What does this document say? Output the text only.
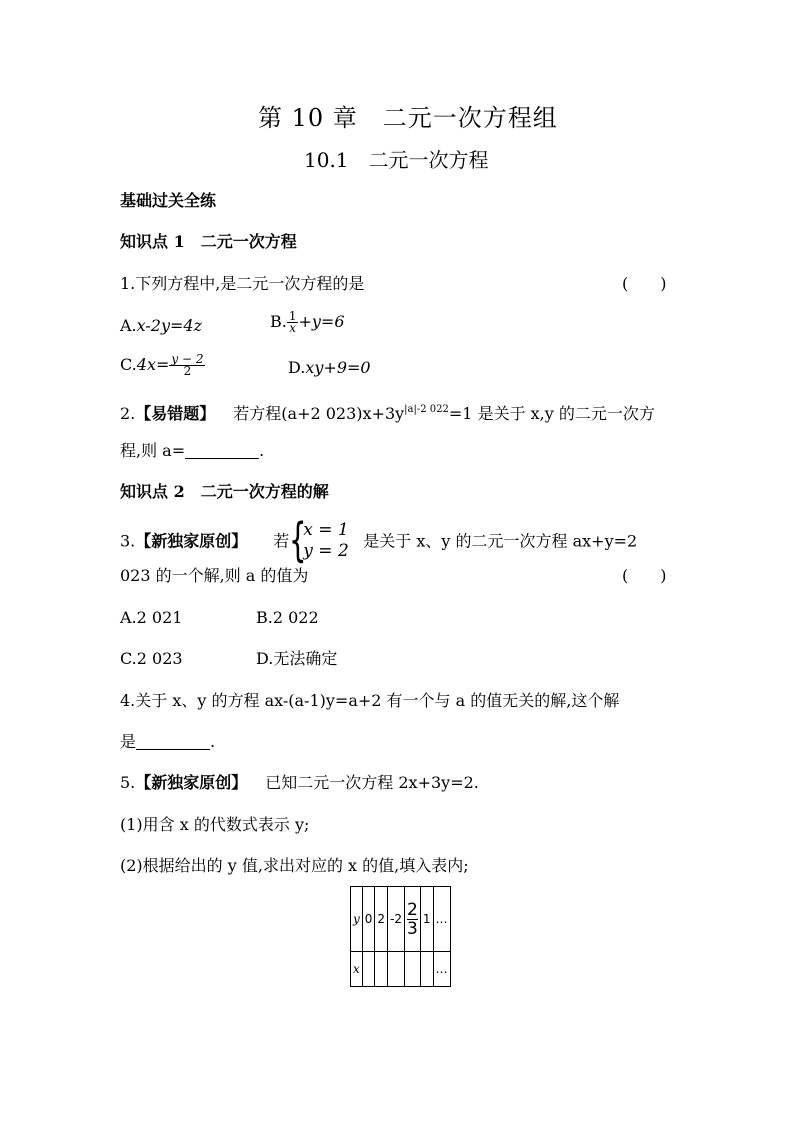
第 10 章　二元一次方程组
10.1　二元一次方程
基础过关全练
知识点 1　二元一次方程
1.下列方程中,是二元一次方程的是	(　　)
A.x-2y=4z	B. $\frac{1}{x} +y=6$
$C.4x= \frac{y - 2}{2}$	D.xy+9=0
2.【易错题】 若方程(a+2 $023)x+3y^{|a|-2 022}=1$ 是关于 x,y 的二元一次方
程,则 a=	.
知识点 2　二元一次方程的解
3.【新独家原创】 若 {
x = 1
y = 2 是关于 x、y 的二元一次方程 ax+y=2
023 的一个解,则 a 的值为	(　　)
A.2 021	B.2 022
C.2 023	D.无法确定
4.关于 x、y 的方程 ax-(a-1)y=a+2 有一个与 a 的值无关的解,这个解
是	.
5.【新独家原创】 已知二元一次方程 2x+3y=2.
(1)用含 x 的代数式表示 y;
(2)根据给出的 y 值,求出对应的 x 的值,填入表内;
y	0	2	-2	$\frac{2}{3}$	1	…
x						…
